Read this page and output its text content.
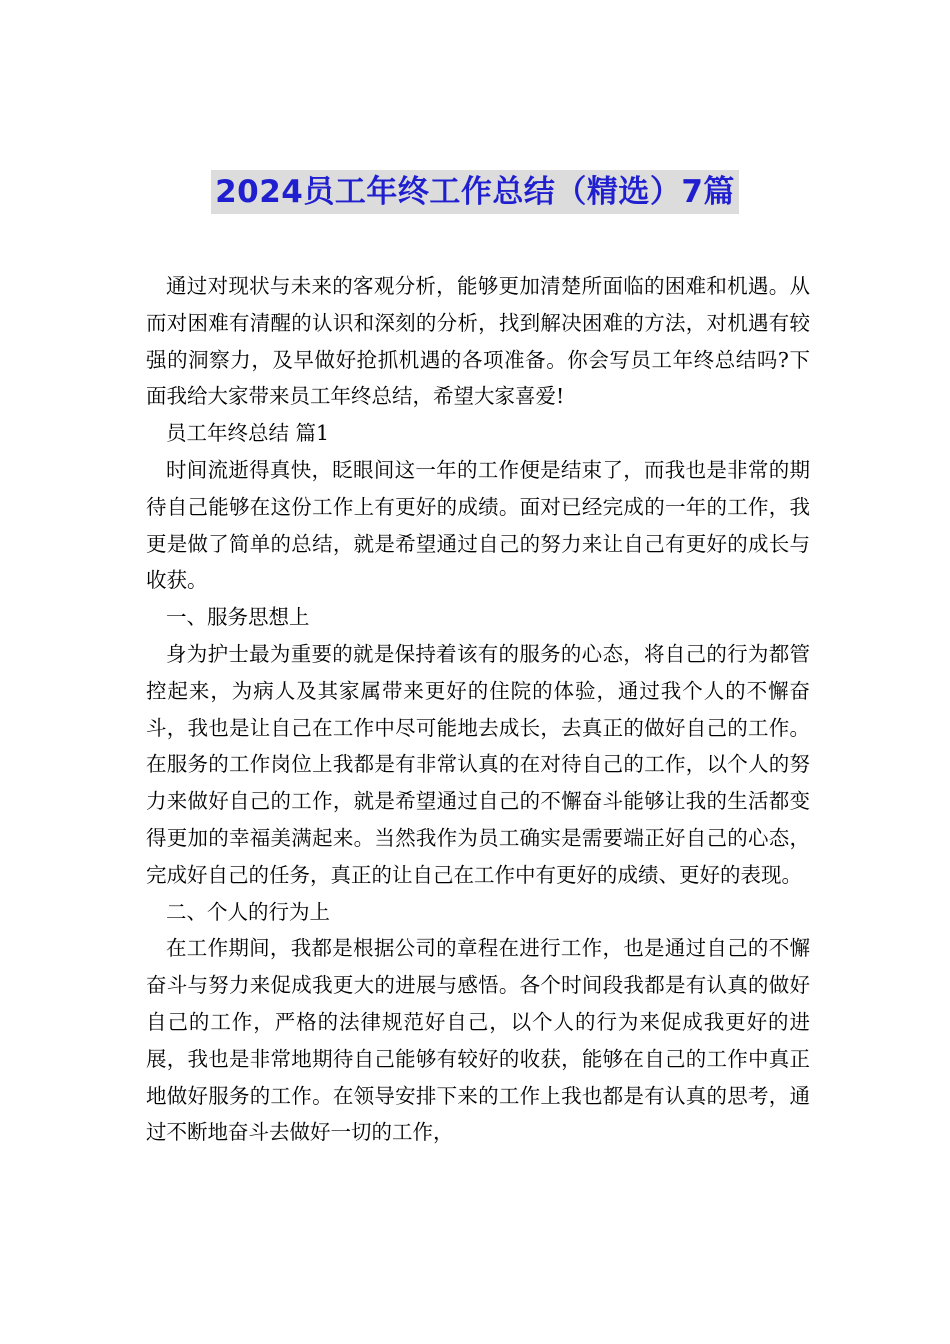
2024员工年终工作总结（精选）7篇

通过对现状与未来的客观分析，能够更加清楚所面临的困难和机遇。从而对困难有清醒的认识和深刻的分析，找到解决困难的方法，对机遇有较强的洞察力，及早做好抢抓机遇的各项准备。你会写员工年终总结吗?下面我给大家带来员工年终总结，希望大家喜爱!

员工年终总结 篇1

时间流逝得真快，眨眼间这一年的工作便是结束了，而我也是非常的期待自己能够在这份工作上有更好的成绩。面对已经完成的一年的工作，我更是做了简单的总结，就是希望通过自己的努力来让自己有更好的成长与收获。

一、服务思想上

身为护士最为重要的就是保持着该有的服务的心态，将自己的行为都管控起来，为病人及其家属带来更好的住院的体验，通过我个人的不懈奋斗，我也是让自己在工作中尽可能地去成长，去真正的做好自己的工作。在服务的工作岗位上我都是有非常认真的在对待自己的工作，以个人的努力来做好自己的工作，就是希望通过自己的不懈奋斗能够让我的生活都变得更加的幸福美满起来。当然我作为员工确实是需要端正好自己的心态，完成好自己的任务，真正的让自己在工作中有更好的成绩、更好的表现。

二、个人的行为上

在工作期间，我都是根据公司的章程在进行工作，也是通过自己的不懈奋斗与努力来促成我更大的进展与感悟。各个时间段我都是有认真的做好自己的工作，严格的法律规范好自己，以个人的行为来促成我更好的进展，我也是非常地期待自己能够有较好的收获，能够在自己的工作中真正地做好服务的工作。在领导安排下来的工作上我也都是有认真的思考，通过不断地奋斗去做好一切的工作，
